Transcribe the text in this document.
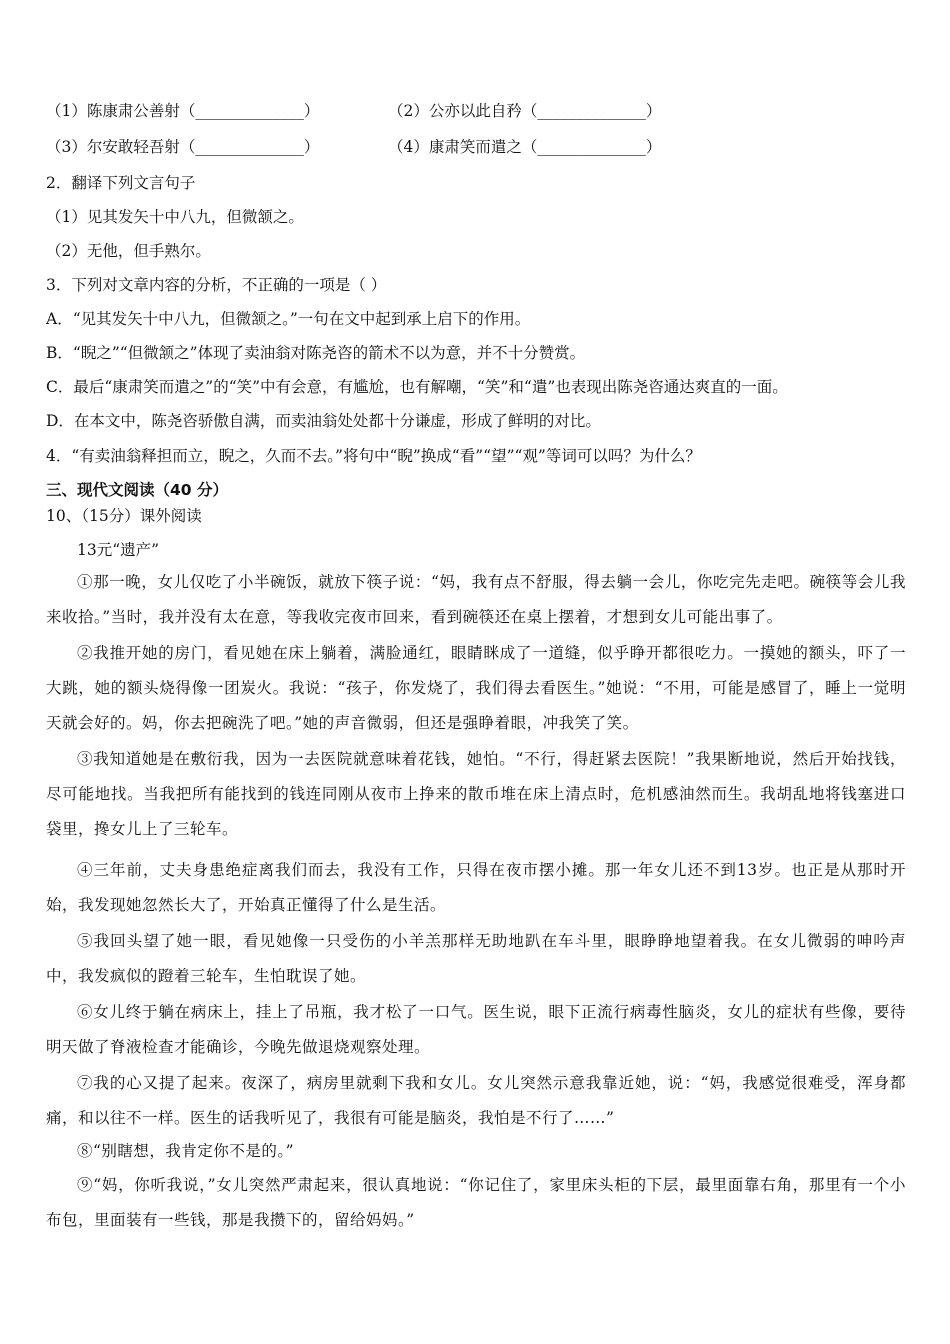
（1）陈康肃公善射（______________）	（2）公亦以此自矜（______________）
（3）尔安敢轻吾射（______________）	（4）康肃笑而遣之（______________）
2．翻译下列文言句子
（1）见其发矢十中八九，但微颔之。
（2）无他，但手熟尔。
3．下列对文章内容的分析，不正确的一项是（ ）
A．“见其发矢十中八九，但微颔之。”一句在文中起到承上启下的作用。
B．“睨之”“但微颔之”体现了卖油翁对陈尧咨的箭术不以为意，并不十分赞赏。
C．最后“康肃笑而遣之”的“笑”中有会意，有尴尬，也有解嘲，“笑”和“遣”也表现出陈尧咨通达爽直的一面。
D．在本文中，陈尧咨骄傲自满，而卖油翁处处都十分谦虚，形成了鲜明的对比。
4．“有卖油翁释担而立，睨之，久而不去。”将句中“睨”换成“看”“望”“观”等词可以吗？为什么？
三、现代文阅读（40 分）
10、（15分）课外阅读
13元“遗产”
①那一晚，女儿仅吃了小半碗饭，就放下筷子说：“妈，我有点不舒服，得去躺一会儿，你吃完先走吧。碗筷等会儿我来收拾。”当时，我并没有太在意，等我收完夜市回来，看到碗筷还在桌上摆着，才想到女儿可能出事了。
②我推开她的房门，看见她在床上躺着，满脸通红，眼睛眯成了一道缝，似乎睁开都很吃力。一摸她的额头，吓了一大跳，她的额头烧得像一团炭火。我说：“孩子，你发烧了，我们得去看医生。”她说：“不用，可能是感冒了，睡上一觉明天就会好的。妈，你去把碗洗了吧。”她的声音微弱，但还是强睁着眼，冲我笑了笑。
③我知道她是在敷衍我，因为一去医院就意味着花钱，她怕。“不行，得赶紧去医院！”我果断地说，然后开始找钱，尽可能地找。当我把所有能找到的钱连同刚从夜市上挣来的散币堆在床上清点时，危机感油然而生。我胡乱地将钱塞进口袋里，搀女儿上了三轮车。
④三年前，丈夫身患绝症离我们而去，我没有工作，只得在夜市摆小摊。那一年女儿还不到13岁。也正是从那时开始，我发现她忽然长大了，开始真正懂得了什么是生活。
⑤我回头望了她一眼，看见她像一只受伤的小羊羔那样无助地趴在车斗里，眼睁睁地望着我。在女儿微弱的呻吟声中，我发疯似的蹬着三轮车，生怕耽误了她。
⑥女儿终于躺在病床上，挂上了吊瓶，我才松了一口气。医生说，眼下正流行病毒性脑炎，女儿的症状有些像，要待明天做了脊液检查才能确诊，今晚先做退烧观察处理。
⑦我的心又提了起来。夜深了，病房里就剩下我和女儿。女儿突然示意我靠近她，说：“妈，我感觉很难受，浑身都痛，和以往不一样。医生的话我听见了，我很有可能是脑炎，我怕是不行了……”
⑧“别瞎想，我肯定你不是的。”
⑨“妈，你听我说，”女儿突然严肃起来，很认真地说：“你记住了，家里床头柜的下层，最里面靠右角，那里有一个小布包，里面装有一些钱，那是我攒下的，留给妈妈。”
